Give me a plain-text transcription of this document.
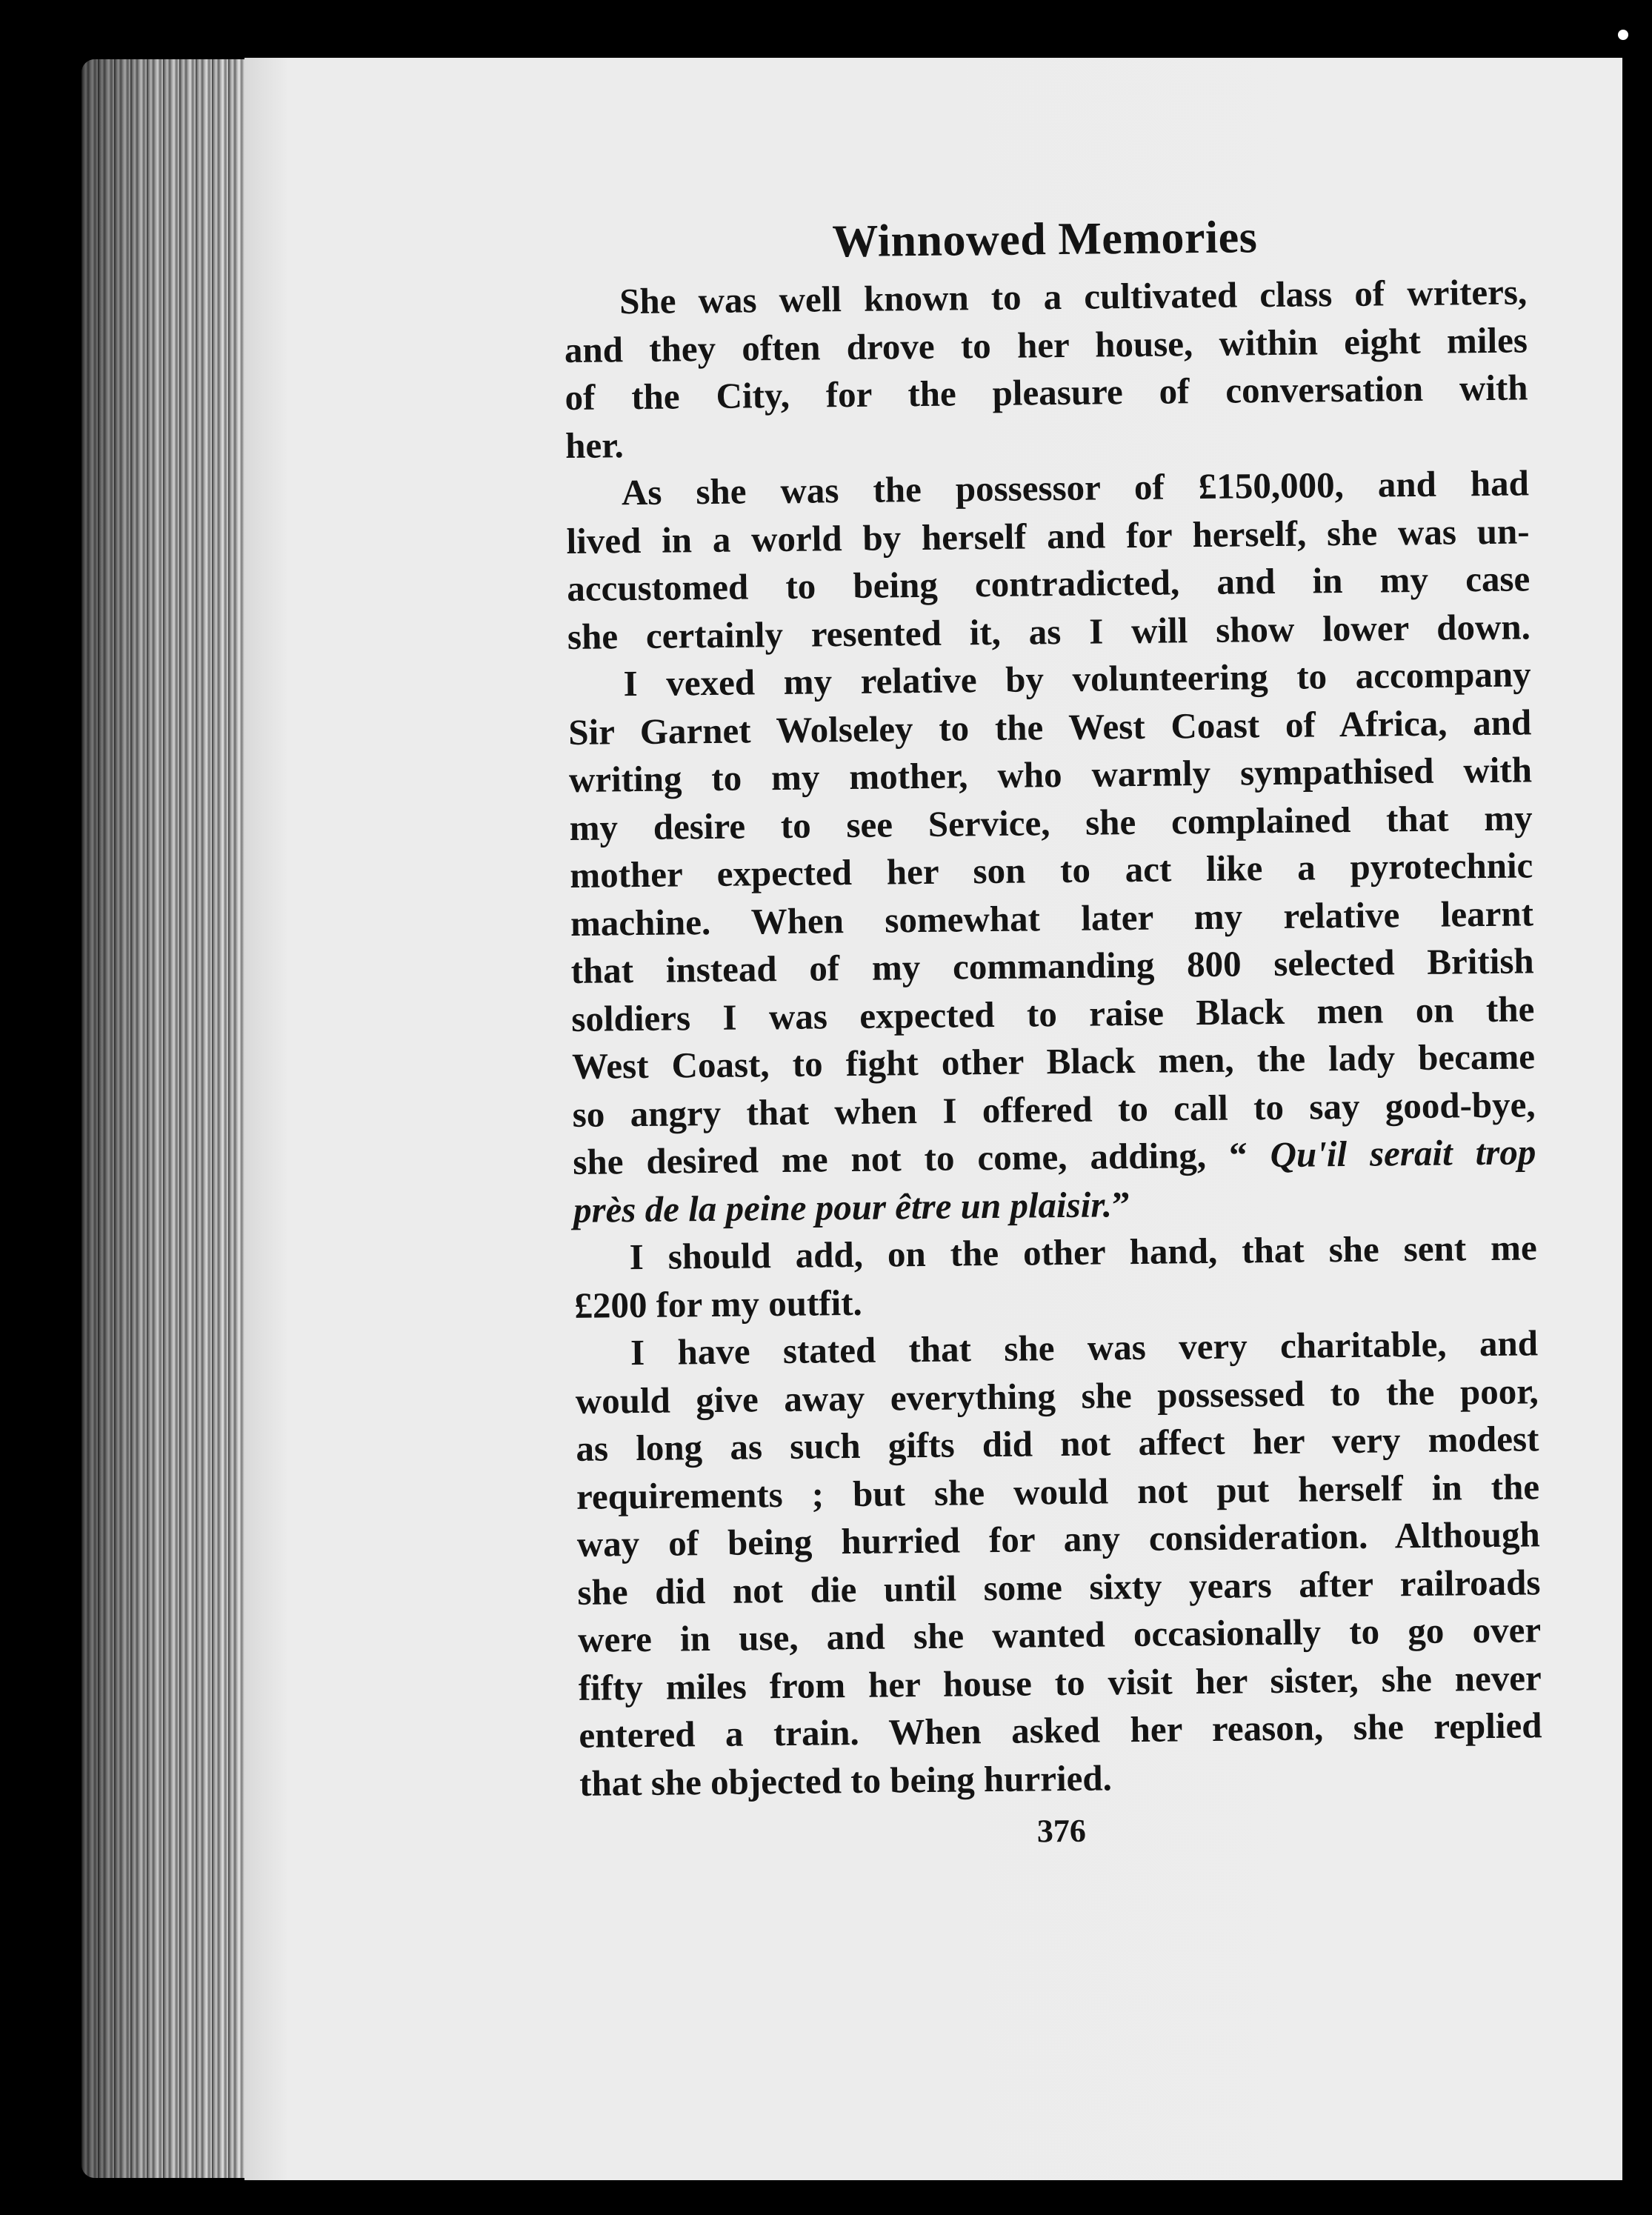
Winnowed Memories
She was well known to a cultivated class of writers,
and they often drove to her house, within eight miles
of the City, for the pleasure of conversation with
her.
As she was the possessor of £150,000, and had
lived in a world by herself and for herself, she was un-
accustomed to being contradicted, and in my case
she certainly resented it, as I will show lower down.
I vexed my relative by volunteering to accompany
Sir Garnet Wolseley to the West Coast of Africa, and
writing to my mother, who warmly sympathised with
my desire to see Service, she complained that my
mother expected her son to act like a pyrotechnic
machine. When somewhat later my relative learnt
that instead of my commanding 800 selected British
soldiers I was expected to raise Black men on the
West Coast, to fight other Black men, the lady became
so angry that when I offered to call to say good-bye,
she desired me not to come, adding, “ Qu'il serait trop
près de la peine pour être un plaisir.”
I should add, on the other hand, that she sent me
£200 for my outfit.
I have stated that she was very charitable, and
would give away everything she possessed to the poor,
as long as such gifts did not affect her very modest
requirements ; but she would not put herself in the
way of being hurried for any consideration. Although
she did not die until some sixty years after railroads
were in use, and she wanted occasionally to go over
fifty miles from her house to visit her sister, she never
entered a train. When asked her reason, she replied
that she objected to being hurried.
376
